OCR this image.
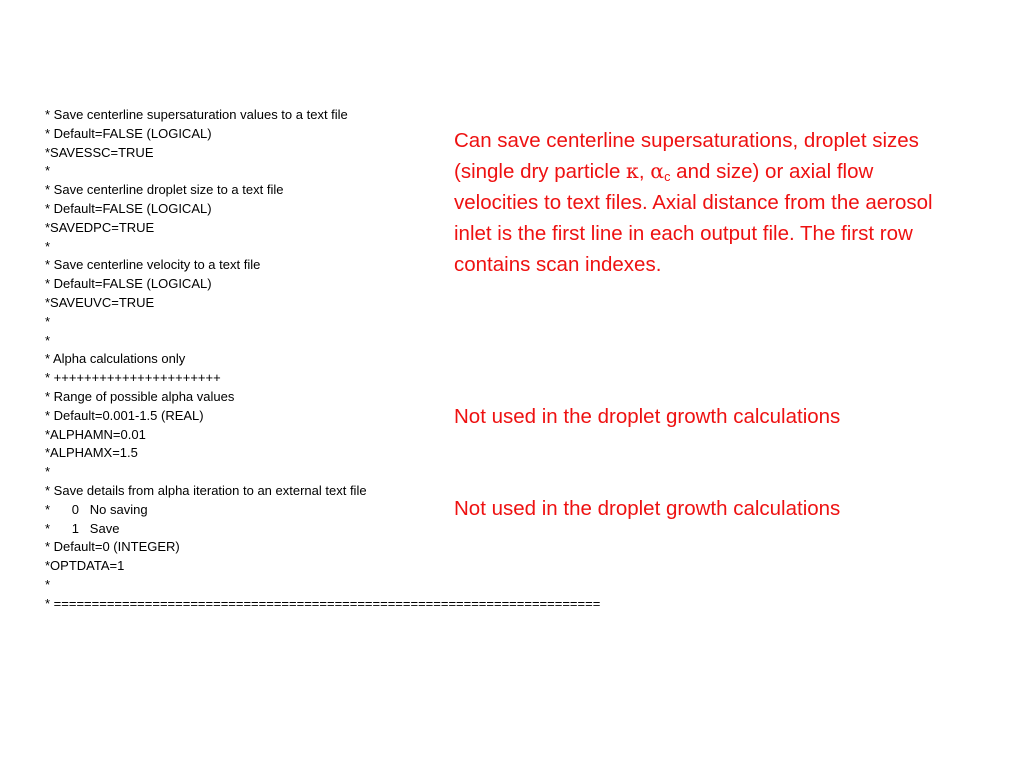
* Save centerline supersaturation values to a text file
* Default=FALSE (LOGICAL)
*SAVESSC=TRUE
*
* Save centerline droplet size to a text file
* Default=FALSE (LOGICAL)
*SAVEDPC=TRUE
*
* Save centerline velocity to a text file
* Default=FALSE (LOGICAL)
*SAVEUVC=TRUE
*
*
* Alpha calculations only
* ++++++++++++++++++++++
* Range of possible alpha values
* Default=0.001-1.5 (REAL)
*ALPHAMN=0.01
*ALPHAMX=1.5
*
* Save details from alpha iteration to an external text file
*      0   No saving
*      1   Save
* Default=0 (INTEGER)
*OPTDATA=1
*
* ========================================================================
Can save centerline supersaturations, droplet sizes (single dry particle κ, $\alpha_c$ and size) or axial flow velocities to text files. Axial distance from the aerosol inlet is the first line in each output file. The first row contains scan indexes.
Not used in the droplet growth calculations
Not used in the droplet growth calculations
